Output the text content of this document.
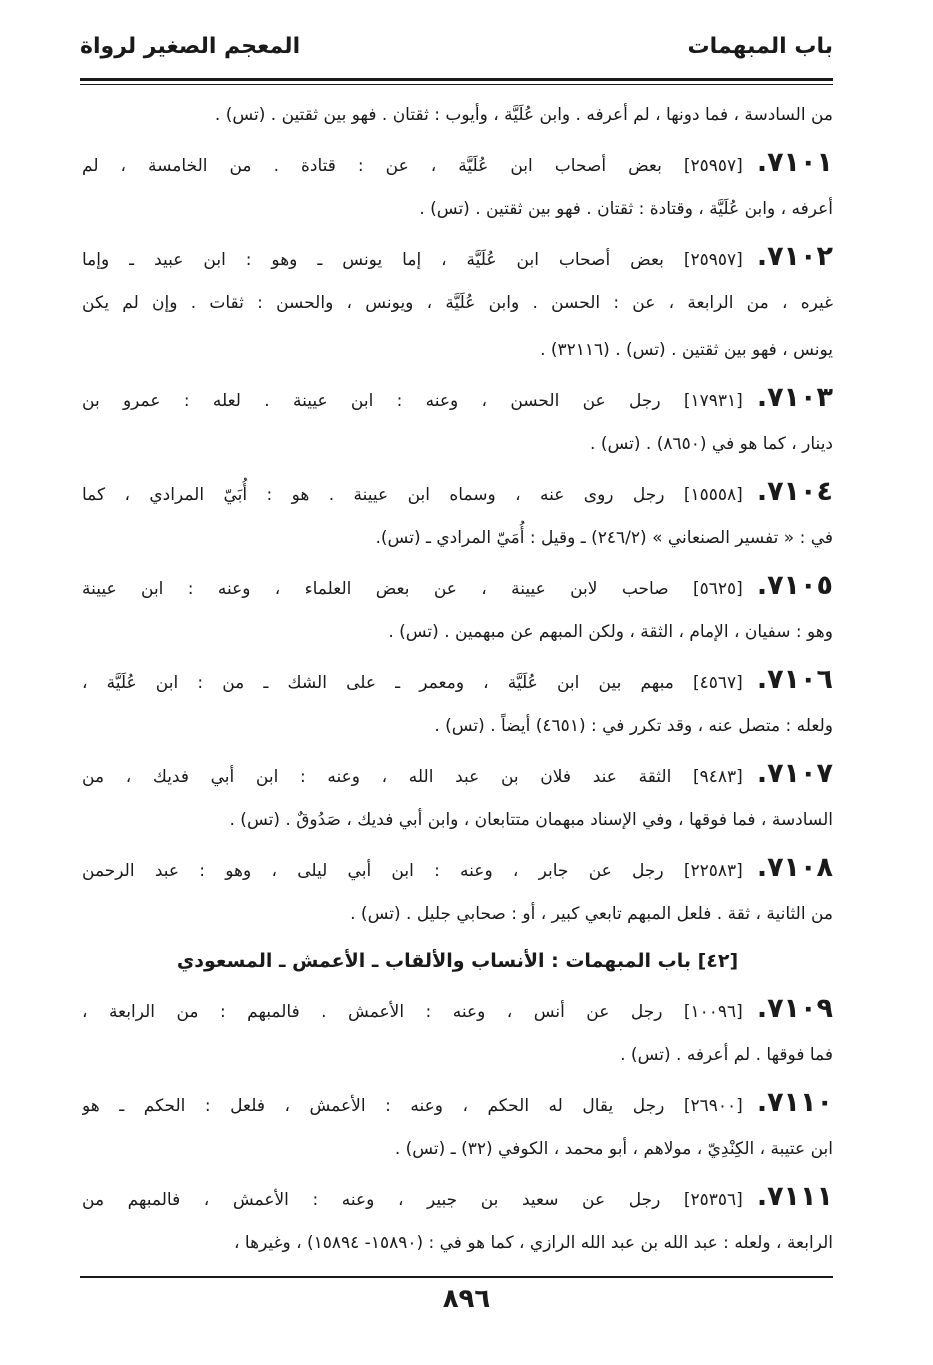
باب المبهمات
المعجم الصغير لرواة
من السادسة ، فما دونها ، لم أعرفه . وابن عُلَيَّة ، وأيوب : ثقتان . فهو بين ثقتين . (تس) .
٧١٠١.[٢٥٩٥٧] بعض أصحاب ابن عُلَيَّة ، عن : قتادة . من الخامسة ، لم
أعرفه ، وابن عُلَيَّة ، وقتادة : ثقتان . فهو بين ثقتين . (تس) .
٧١٠٢.[٢٥٩٥٧] بعض أصحاب ابن عُلَيَّة ، إما يونس ـ وهو : ابن عبيد ـ وإما
غيره ، من الرابعة ، عن : الحسن . وابن عُلَيَّة ، ويونس ، والحسن : ثقات . وإن لم يكن
يونس ، فهو بين ثقتين . (تس) . (٣٢١١٦) .
٧١٠٣.[١٧٩٣١] رجل عن الحسن ، وعنه : ابن عيينة . لعله : عمرو بن
دينار ، كما هو في (٨٦٥٠) . (تس) .
٧١٠٤.[١٥٥٥٨] رجل روى عنه ، وسماه ابن عيينة . هو : أُبَيّ المرادي ، كما
في : « تفسير الصنعاني » (٢٤٦/٢) ـ وقيل : أُمَيّ المرادي ـ (تس).
٧١٠٥.[٥٦٢٥] صاحب لابن عيينة ، عن بعض العلماء ، وعنه : ابن عيينة
وهو : سفيان ، الإمام ، الثقة ، ولكن المبهم عن مبهمين . (تس) .
٧١٠٦.[٤٥٦٧] مبهم بين ابن عُلَيَّة ، ومعمر ـ على الشك ـ من : ابن عُلَيَّة ،
ولعله : متصل عنه ، وقد تكرر في : (٤٦٥١) أيضاً . (تس) .
٧١٠٧.[٩٤٨٣] الثقة عند فلان بن عبد الله ، وعنه : ابن أبي فديك ، من
السادسة ، فما فوقها ، وفي الإسناد مبهمان متتابعان ، وابن أبي فديك ، صَدُوقٌ . (تس) .
٧١٠٨.[٢٢٥٨٣] رجل عن جابر ، وعنه : ابن أبي ليلى ، وهو : عبد الرحمن
من الثانية ، ثقة . فلعل المبهم تابعي كبير ، أو : صحابي جليل . (تس) .
[٤٢] باب المبهمات : الأنساب والألقاب ـ الأعمش ـ المسعودي
٧١٠٩.[١٠٠٩٦] رجل عن أنس ، وعنه : الأعمش . فالمبهم : من الرابعة ،
فما فوقها . لم أعرفه . (تس) .
٧١١٠.[٢٦٩٠٠] رجل يقال له الحكم ، وعنه : الأعمش ، فلعل : الحكم ـ هو
ابن عتيبة ، الكِنْدِيّ ، مولاهم ، أبو محمد ، الكوفي (٣٢) ـ (تس) .
٧١١١.[٢٥٣٥٦] رجل عن سعيد بن جبير ، وعنه : الأعمش ، فالمبهم من
الرابعة ، ولعله : عبد الله بن عبد الله الرازي ، كما هو في : (١٥٨٩٠- ١٥٨٩٤) ، وغيرها ،
٨٩٦
